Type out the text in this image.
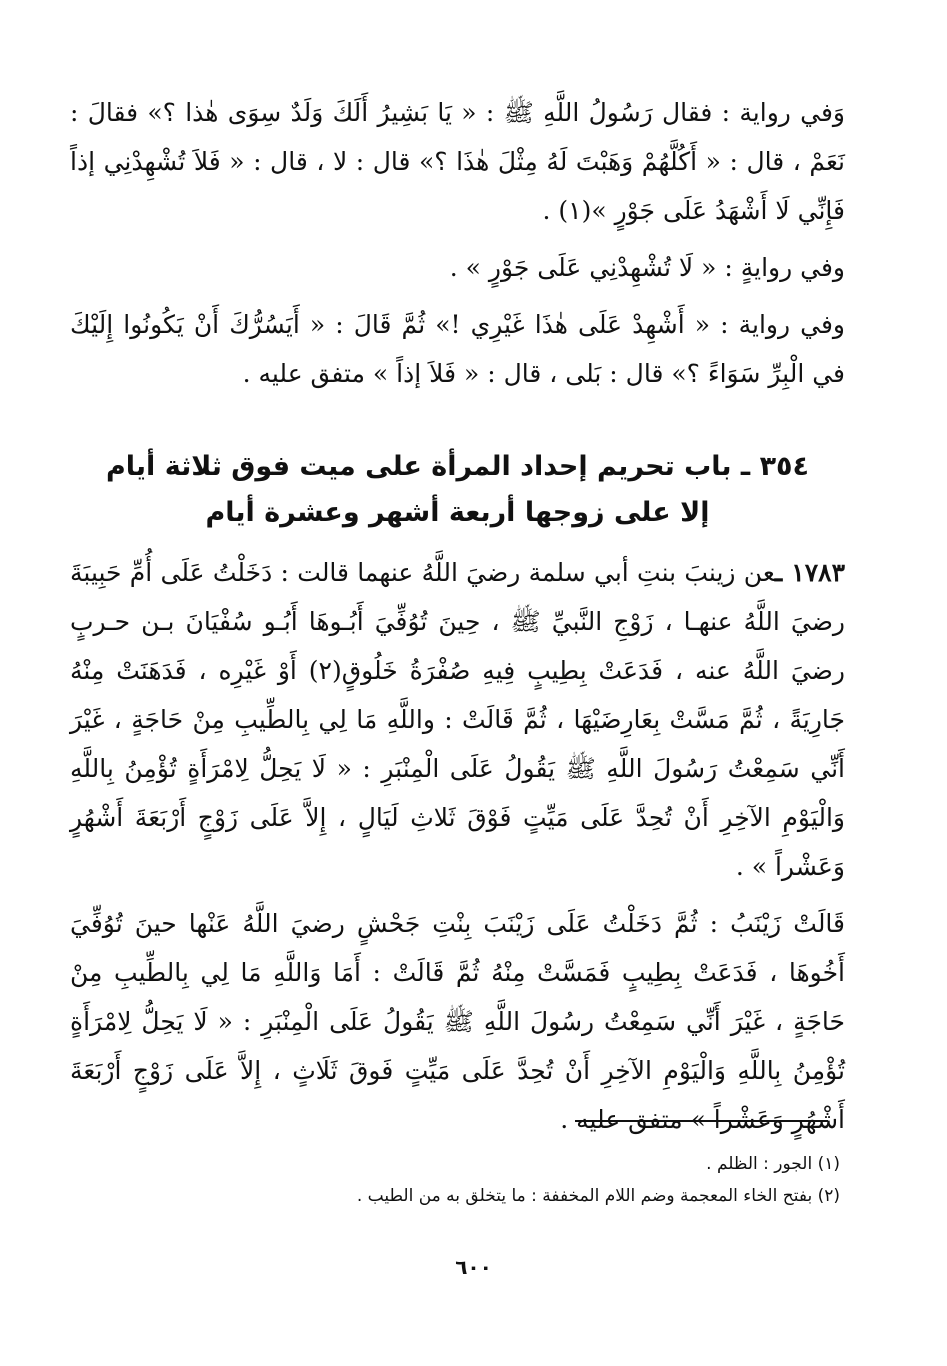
وَفي رواية : فقال رَسُولُ اللَّهِ ﷺ : « يَا بَشِيرُ أَلَكَ وَلَدٌ سِوَى هٰذا ؟» فقالَ : نَعَمْ ، قال : « أَكُلَّهُمْ وَهَبْتَ لَهُ مِثْلَ هٰذَا ؟» قال : لا ، قال : « فَلاَ تُشْهِدْنِي إذاً فَإِنِّي لَا أَشْهَدُ عَلَى جَوْرٍ »(١) .

وفي روايةٍ : « لَا تُشْهِدْنِي عَلَى جَوْرٍ » .

وفي رواية : « أَشْهِدْ عَلَى هٰذَا غَيْرِي !» ثُمَّ قَالَ : « أَيَسُرُّكَ أَنْ يَكُونُوا إِلَيْكَ في الْبِرِّ سَوَاءً ؟» قال : بَلى ، قال : « فَلاَ إذاً » متفق عليه .

٣٥٤ ـ باب تحريم إحداد المرأة على ميت فوق ثلاثة أيام
إلا على زوجها أربعة أشهر وعشرة أيام

١٧٨٣ ـعن زينبَ بنتِ أبي سلمة رضيَ اللَّهُ عنهما قالت : دَخَلْتُ عَلَى أُمِّ حَبِيبَةَ رضيَ اللَّهُ عنهـا ، زَوْجِ النَّبيِّ ﷺ ، حِينَ تُوُفِّيَ أَبُـوهَا أَبُـو سُفْيَانَ بـن حـربٍ رضيَ اللَّهُ عنه ، فَدَعَتْ بِطِيبٍ فِيهِ صُفْرَةُ خَلُوقٍ(٢) أَوْ غَيْرِه ، فَدَهَنَتْ مِنْهُ جَارِيَةً ، ثُمَّ مَسَّتْ بِعَارِضَيْهَا ، ثُمَّ قَالَتْ : واللَّهِ مَا لِي بِالطِّيبِ مِنْ حَاجَةٍ ، غَيْرَ أَنِّي سَمِعْتُ رَسُولَ اللَّهِ ﷺ يَقُولُ عَلَى الْمِنْبَرِ : « لَا يَحِلُّ لِامْرَأَةٍ تُؤْمِنُ بِاللَّهِ وَالْيَوْمِ الآخِرِ أَنْ تُحِدَّ عَلَى مَيِّتٍ فَوْقَ ثَلاثِ لَيَالٍ ، إِلاَّ عَلَى زَوْجٍ أَرْبَعَةَ أَشْهُرٍ وَعَشْراً » .

قَالَتْ زَيْنَبُ : ثُمَّ دَخَلْتُ عَلَى زَيْنَبَ بِنْتِ جَحْشٍ رضيَ اللَّهُ عَنْها حينَ تُوُفِّيَ أَخُوهَا ، فَدَعَتْ بِطِيبٍ فَمَسَّتْ مِنْهُ ثُمَّ قَالَتْ : أَمَا وَاللَّهِ مَا لِي بِالطِّيبِ مِنْ حَاجَةٍ ، غَيْرَ أَنِّي سَمِعْتُ رسُولَ اللَّهِ ﷺ يَقُولُ عَلَى الْمِنْبَرِ : « لَا يَحِلُّ لِامْرَأَةٍ تُؤْمِنُ بِاللَّهِ وَالْيَوْمِ الآخِرِ أَنْ تُحِدَّ عَلَى مَيِّتٍ فَوقَ ثَلَاثٍ ، إِلاَّ عَلَى زَوْجٍ أَرْبَعَةَ أَشْهُرٍ وَعَشْراً » متفق عليه .

(١) الجور : الظلم .
(٢) بفتح الخاء المعجمة وضم اللام المخففة : ما يتخلق به من الطيب .
٦٠٠
